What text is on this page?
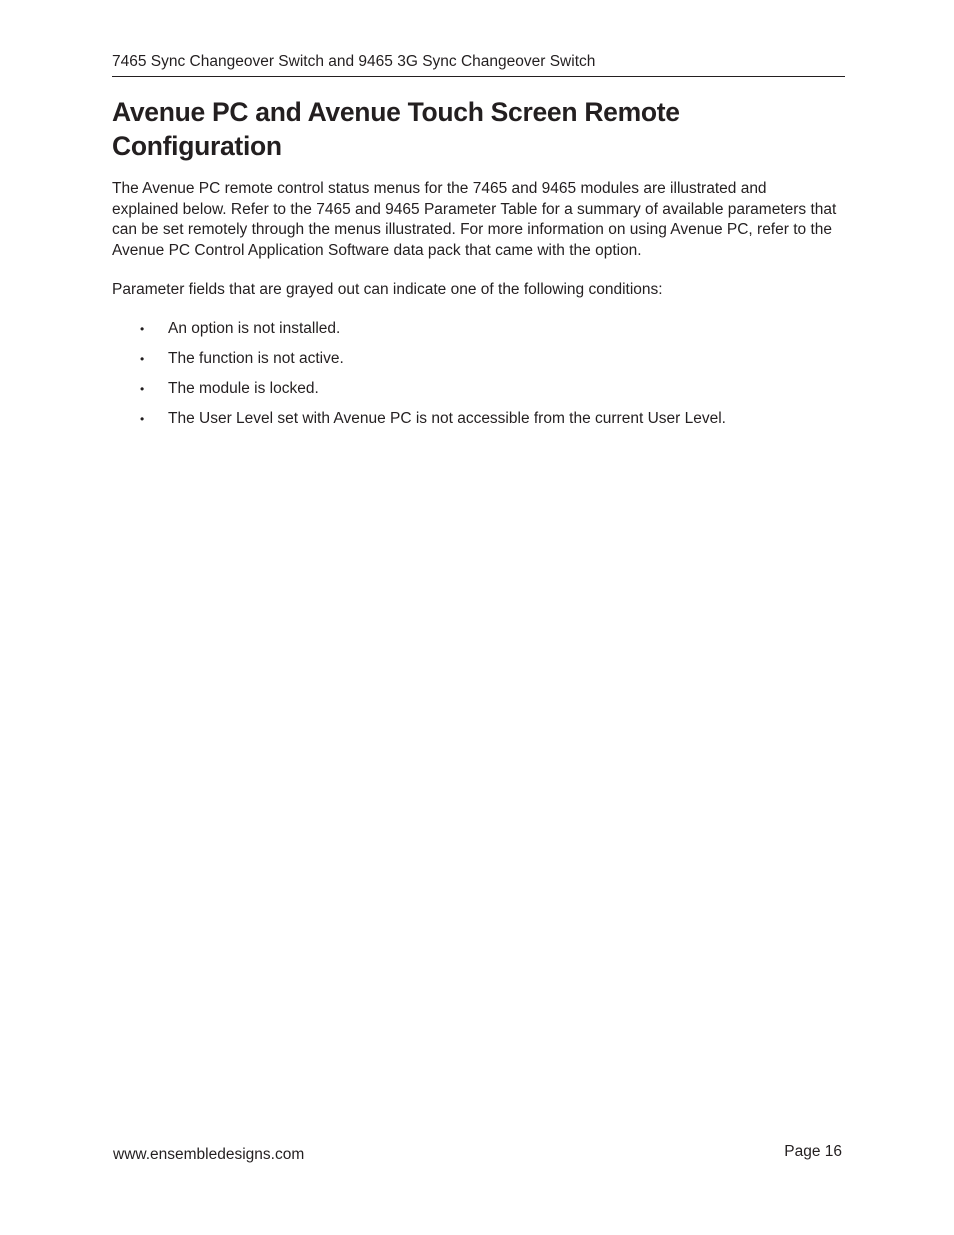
7465 Sync Changeover Switch and 9465 3G Sync Changeover Switch
Avenue PC and Avenue Touch Screen Remote Configuration

The Avenue PC remote control status menus for the 7465 and 9465 modules are illustrated and explained below. Refer to the 7465 and 9465 Parameter Table for a summary of available parameters that can be set remotely through the menus illustrated. For more information on using Avenue PC, refer to the Avenue PC Control Application Software data pack that came with the option.

Parameter fields that are grayed out can indicate one of the following conditions:

• An option is not installed.
• The function is not active.
• The module is locked.
• The User Level set with Avenue PC is not accessible from the current User Level.
www.ensembledesigns.com	Page 16
